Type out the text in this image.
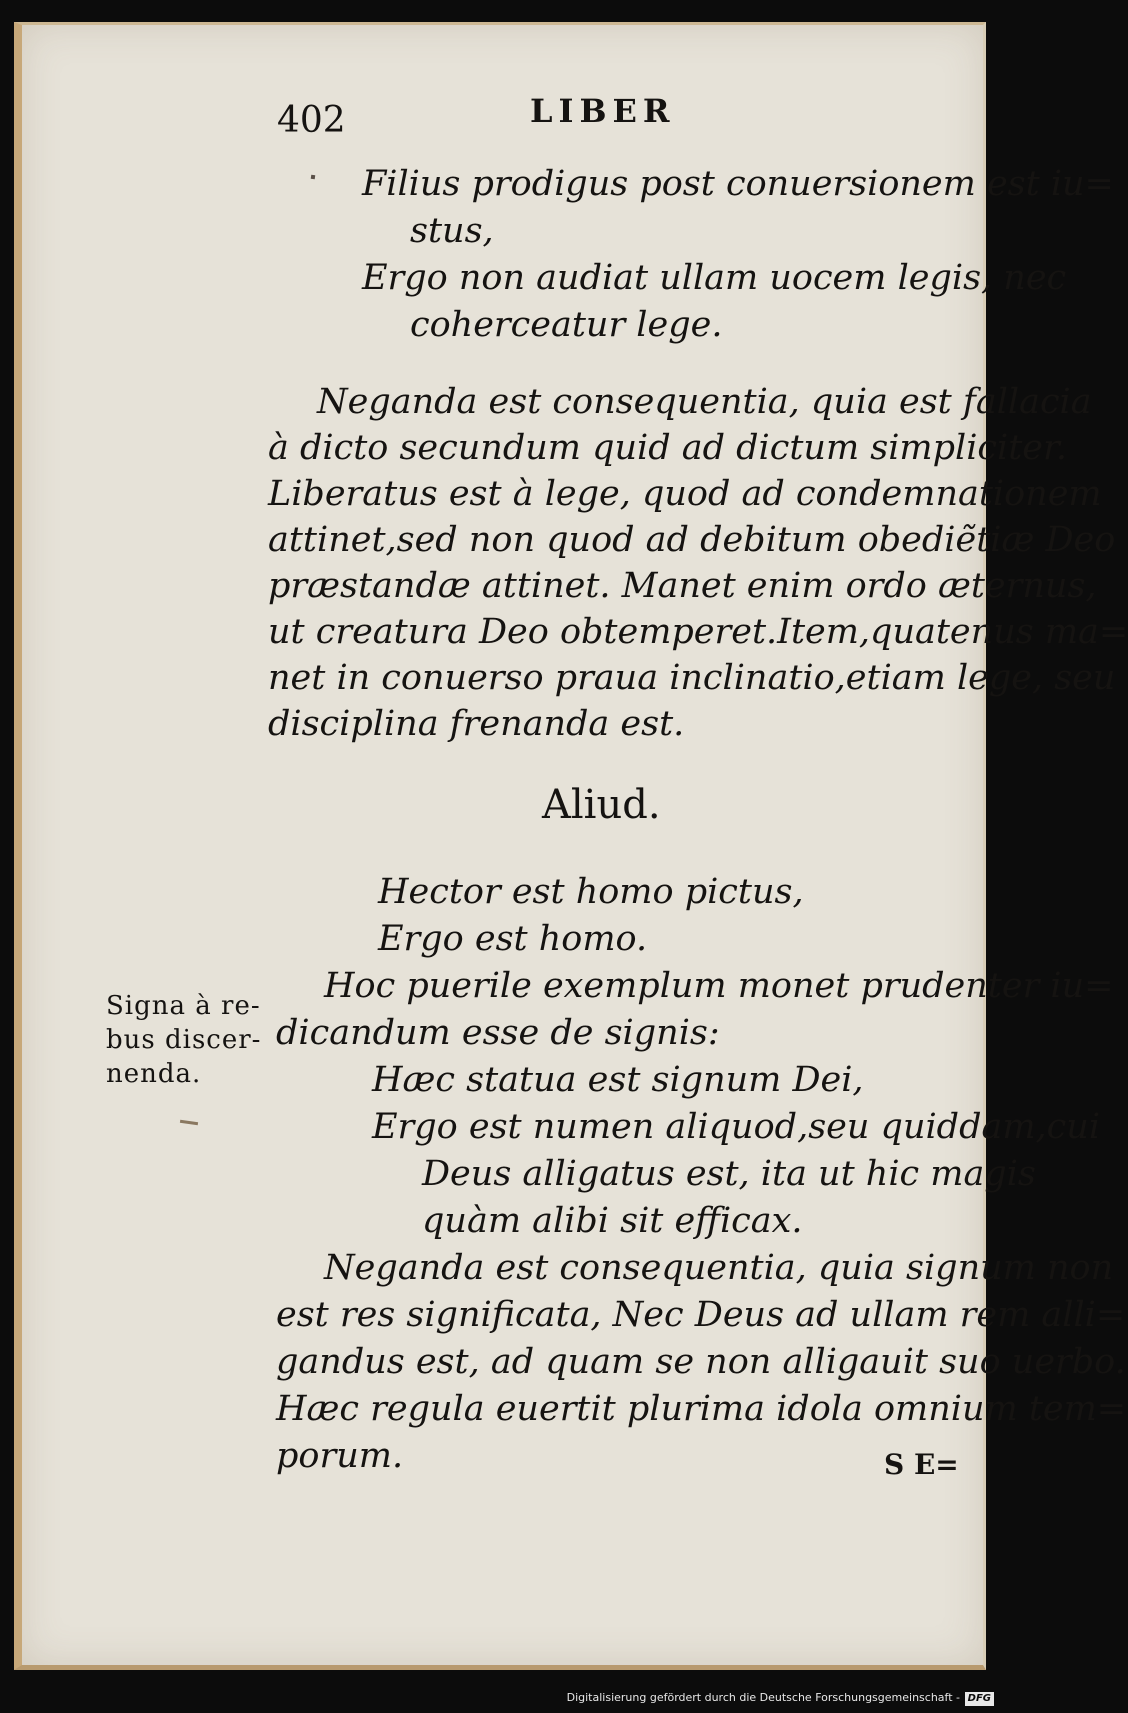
402	LIBER
Filius prodigus post conuersionem est iu=
stus,
Ergo non audiat ullam uocem legis, nec
coherceatur lege.
Neganda est consequentia, quia est fallacia
à dicto secundum quid ad dictum simpliciter.
Liberatus est à lege, quod ad condemnationem
attinet,sed non quod ad debitum obediẽtiæ Deo
præstandæ attinet. Manet enim ordo æternus,
ut creatura Deo obtemperet.Item,quatenus ma=
net in conuerso praua inclinatio,etiam lege, seu
disciplina frenanda est.
Aliud.
Hector est homo pictus,
Ergo est homo.
Hoc puerile exemplum monet prudenter iu=
dicandum esse de signis:
Hæc statua est signum Dei,
Ergo est numen aliquod,seu quiddam,cui
Deus alligatus est, ita ut hic magis
quàm alibi sit efficax.
Neganda est consequentia, quia signum non
est res significata, Nec Deus ad ullam rem alli=
gandus est, ad quam se non alligauit suo uerbo.
Hæc regula euertit plurima idola omnium tem=
porum.
Signa à re-
bus discer-
nenda.
S E=
Digitalisierung gefördert durch die Deutsche Forschungsgemeinschaft - DFG
